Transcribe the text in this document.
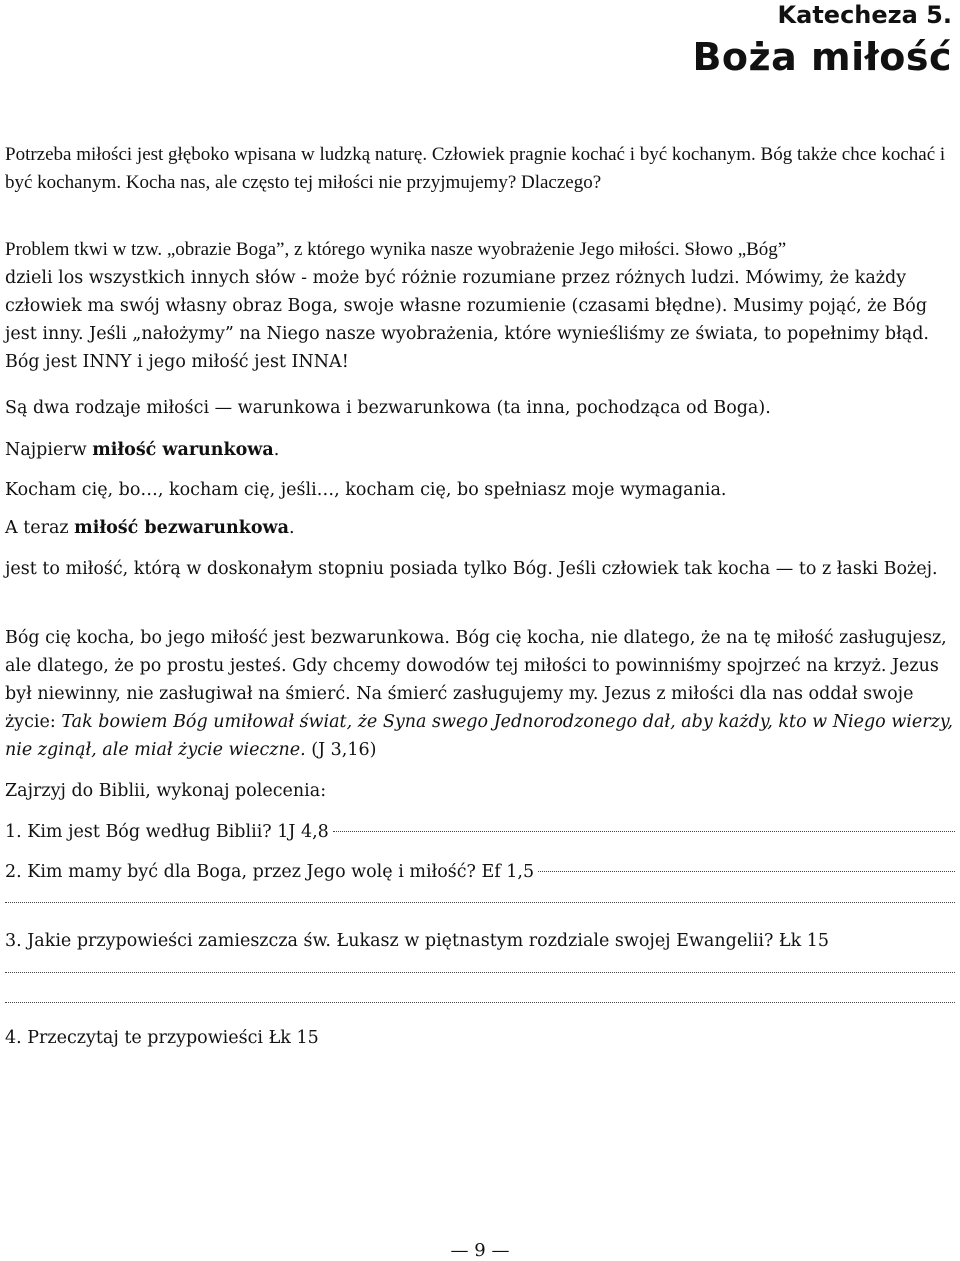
Katecheza 5.
Boża miłość

Potrzeba miłości jest głęboko wpisana w ludzką naturę. Człowiek pragnie kochać i być kochanym. Bóg także chce kochać i być kochanym. Kocha nas, ale często tej miłości nie przyjmujemy? Dlaczego?

Problem tkwi w tzw. „obrazie Boga”, z którego wynika nasze wyobrażenie Jego miłości. Słowo „Bóg”

dzieli los wszystkich innych słów - może być różnie rozumiane przez różnych ludzi. Mówimy, że każdy człowiek ma swój własny obraz Boga, swoje własne rozumienie (czasami błędne). Musimy pojąć, że Bóg jest inny. Jeśli „nałożymy” na Niego nasze wyobrażenia, które wynieśliśmy ze świata, to popełnimy błąd. Bóg jest INNY i jego miłość jest INNA!

Są dwa rodzaje miłości — warunkowa i bezwarunkowa (ta inna, pochodząca od Boga).

Najpierw miłość warunkowa.

Kocham cię, bo…, kocham cię, jeśli…, kocham cię, bo spełniasz moje wymagania.

A teraz miłość bezwarunkowa.

jest to miłość, którą w doskonałym stopniu posiada tylko Bóg. Jeśli człowiek tak kocha — to z łaski Bożej.

Bóg cię kocha, bo jego miłość jest bezwarunkowa. Bóg cię kocha, nie dlatego, że na tę miłość zasługujesz, ale dlatego, że po prostu jesteś. Gdy chcemy dowodów tej miłości to powinniśmy spojrzeć na krzyż. Jezus był niewinny, nie zasługiwał na śmierć. Na śmierć zasługujemy my. Jezus z miłości dla nas oddał swoje życie: Tak bowiem Bóg umiłował świat, że Syna swego Jednorodzonego dał, aby każdy, kto w Niego wierzy, nie zginął, ale miał życie wieczne. (J 3,16)

Zajrzyj do Biblii, wykonaj polecenia:

1. Kim jest Bóg według Biblii? 1J 4,8
2. Kim mamy być dla Boga, przez Jego wolę i miłość? Ef 1,5

3. Jakie przypowieści zamieszcza św. Łukasz w piętnastym rozdziale swojej Ewangelii? Łk 15

4. Przeczytaj te przypowieści Łk 15

— 9 —
